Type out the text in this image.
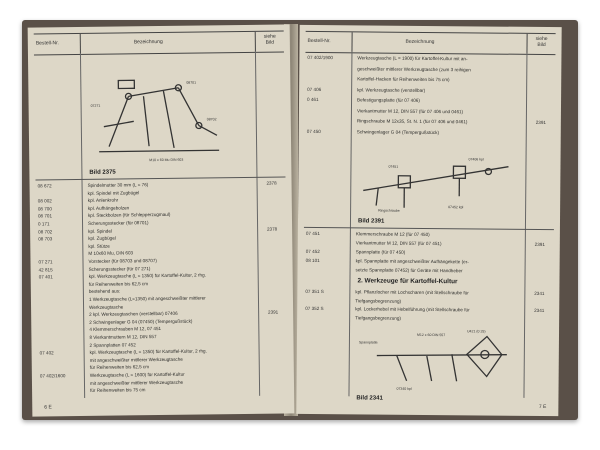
Bestell-Nr.	Bezeichnung
siehe Bild
07271
08701
08702
M10 x 60 Mu DIN 603
Bild 2375
08 672	Spindelmutter 30 mm (L = 76)	2378
kpl. Spindel mit Zugbügel
08 002	kpl. Anlenkrohr
08 700	kpl. Aufhängebolzen
08 701	kpl. Steckbolzen (für Schlepperzugmaul)
0 171	Scherungsstecker (für 08701)
08 702	kpl. Spindel	2378
08 703	kpl. Zugbügel
kpl. Stütze
M 10x60 Mu, DIN 603
07 271	Vorstecker (für 08703 und 08707)
42 815	Scherungsstecker (für 07 271)
07 401	kpl. Werkzeugtasche (L = 1350) für Kartoffel-Kultur, 2 rhg.
für Reihenweiten bis 62,5 cm
bestehend aus:
1 Werkzeugtasche (L=1350) mit angeschweißter mittlerer
Werkzeugtasche
2 kpl. Werkzeugtaschen (verstellbar) 07406	2391
2 Schwingenlager G 04 (07450) (Tempergußstück)
4 Klemmerschrauben M 12, 07 451
8 Vierkantmuttern M 12, DIN 557
2 Spannplatten 07 452
07 402	kpl. Werkzeugtasche (L = 1350) für Kartoffel-Kultur, 2 rhg.
mit angeschweißter mittlerer Werkzeugtasche
für Reihenweiten bis 62,5 cm
07 402/1600	Werkzeugtasche (L = 1600) für Kartoffel-Kultur
mit angeschweißter mittlerer Werkzeugtasche
für Reihenweiten bis 75 cm
6 E
Bestell-Nr.	Bezeichnung	siehe Bild
07 402/1900	Werkzeugtasche (L = 1900) für Kartoffel-Kultur mit an-
geschweißter mittlerer Werkzeugtasche (zum 3 reihigen
Kartoffel-Hacken für Reihenweiten bis 75 cm)
07 406	kpl. Werkzeugtasche (verstellbar)
0 461	Befestigungsplatte (für 07 406)
Vierkantmutter M 12, DIN 557 (für 07 406 und 0461)
Ringschraube M 12x35, St. N. 1 (für 07 406 und 0461)	2391
07 450	Schwingenlager G 04 (Tempergußstück)
07451
07406 kpl
Ringschraube
07452 kpl
Bild 2391
07 451	Klemmerschraube M 12 (für 07 450)
Vierkantmutter M 12, DIN 557 (für 07 451)	2391
07 452	Spannplatte (für 07 450)
08 101	kpl. Spannplatte mit angeschweißter Aufhängekette (er-
setzte Spannplatte 07452) für Geräte mit Handheber
2. Werkzeuge für Kartoffel-Kultur
07 351 S	kpl. Pflanzlocher mit Lochscharen (mit Stellschraube für	2341
Tiefgangsbegrenzung)
07 352 S	kpl. Lockerhebel mit Hebelführung (mit Stellschraube für	2341
Tiefgangsbegrenzung)
Spannplatte
M12 x 60 DIN 557
U421 (0 29)
07340 kpl
Bild 2341
7 E
